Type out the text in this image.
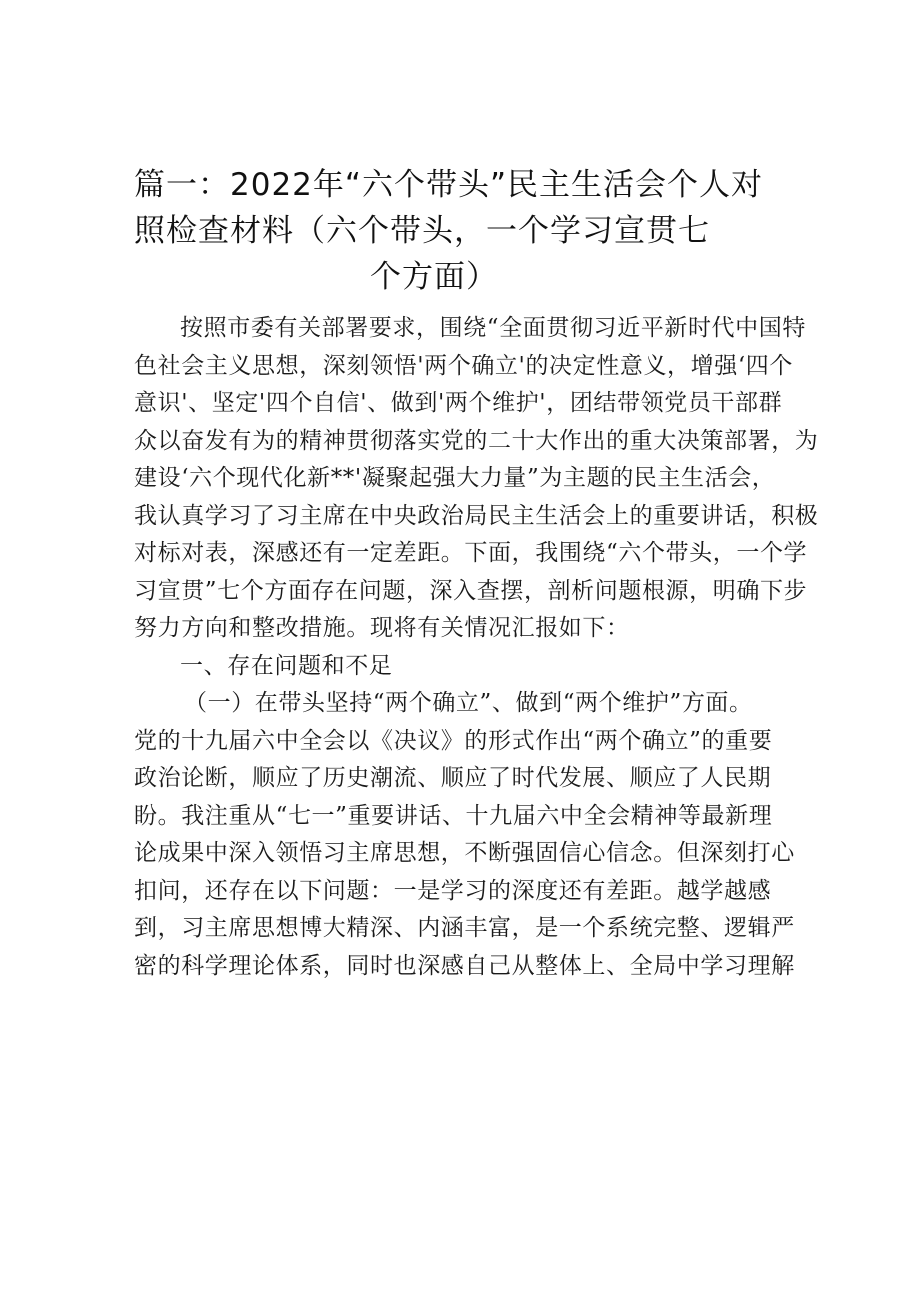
篇一：2022年“六个带头”民主生活会个人对
照检查材料（六个带头，一个学习宣贯七
个方面）
按照市委有关部署要求，围绕“全面贯彻习近平新时代中国特
色社会主义思想，深刻领悟'两个确立'的决定性意义，增强‘四个
意识'、坚定'四个自信'、做到'两个维护'，团结带领党员干部群
众以奋发有为的精神贯彻落实党的二十大作出的重大决策部署，为
建设‘六个现代化新**'凝聚起强大力量”为主题的民主生活会，
我认真学习了习主席在中央政治局民主生活会上的重要讲话，积极
对标对表，深感还有一定差距。下面，我围绕“六个带头，一个学
习宣贯”七个方面存在问题，深入查摆，剖析问题根源，明确下步
努力方向和整改措施。现将有关情况汇报如下：
一、存在问题和不足
（一）在带头坚持“两个确立”、做到“两个维护”方面。
党的十九届六中全会以《决议》的形式作出“两个确立”的重要
政治论断，顺应了历史潮流、顺应了时代发展、顺应了人民期
盼。我注重从“七一”重要讲话、十九届六中全会精神等最新理
论成果中深入领悟习主席思想，不断强固信心信念。但深刻打心
扣问，还存在以下问题：一是学习的深度还有差距。越学越感
到，习主席思想博大精深、内涵丰富，是一个系统完整、逻辑严
密的科学理论体系，同时也深感自己从整体上、全局中学习理解
